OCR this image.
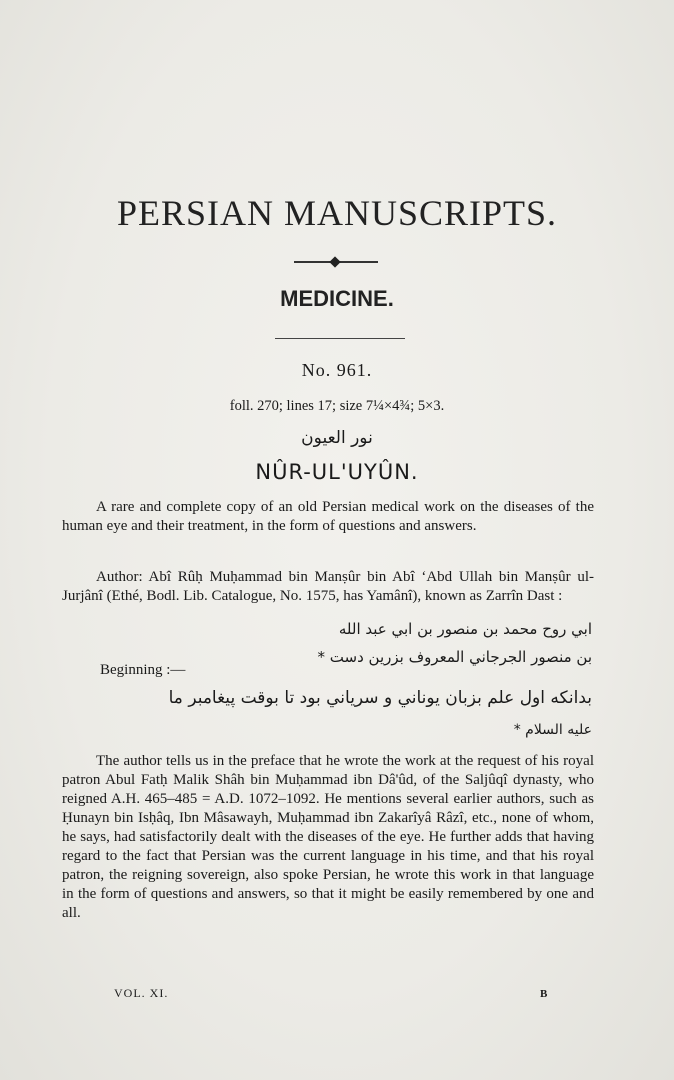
PERSIAN MANUSCRIPTS.
MEDICINE.
No. 961.
foll. 270; lines 17; size 7¼×4¾; 5×3.
نور العيون
NÛR-UL'UYÛN.
A rare and complete copy of an old Persian medical work on the diseases of the human eye and their treatment, in the form of questions and answers.
Author: Abî Rûḥ Muḥammad bin Manṣûr bin Abî ‘Abd Ullah bin Manṣûr ul-Jurjânî (Ethé, Bodl. Lib. Catalogue, No. 1575, has Yamânî), known as Zarrîn Dast :
ابي روح محمد بن منصور بن ابي عبد الله
بن منصور الجرجاني المعروف بزرين دست *
Beginning :—
بدانكه اول علم بزبان يوناني و سرياني بود تا بوقت پيغامبر ما
عليه السلام *
The author tells us in the preface that he wrote the work at the request of his royal patron Abul Fatḥ Malik Shâh bin Muḥammad ibn Dâ'ûd, of the Saljûqî dynasty, who reigned A.H. 465–485 = A.D. 1072–1092. He mentions several earlier authors, such as Ḥunayn bin Isḥâq, Ibn Mâsawayh, Muḥammad ibn Zakarîyâ Râzî, etc., none of whom, he says, had satisfactorily dealt with the diseases of the eye. He further adds that having regard to the fact that Persian was the current language in his time, and that his royal patron, the reigning sovereign, also spoke Persian, he wrote this work in that language in the form of questions and answers, so that it might be easily remembered by one and all.
VOL. XI.	B
